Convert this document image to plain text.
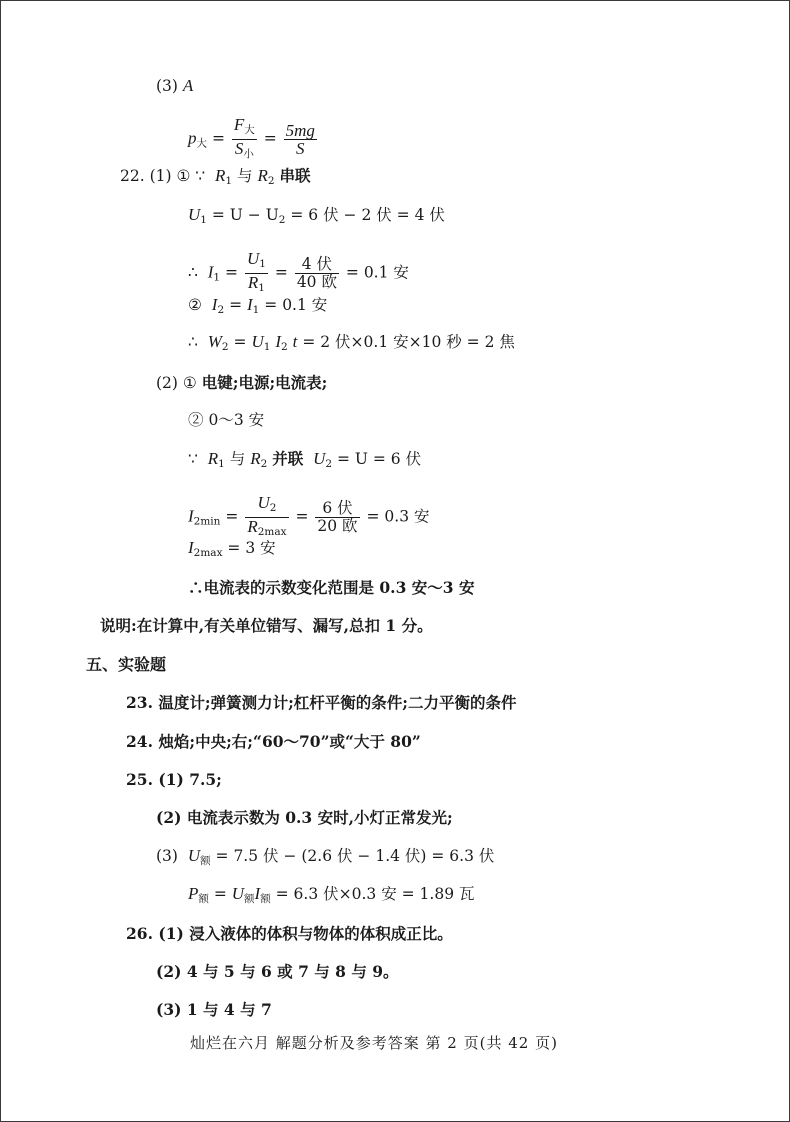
(3) A
$p_大 = \frac{F_大}{S_小} = \frac{5mg}{S}$
22. (1) ① ∵ $R_1$ 与 $R_2$ 串联
$U_1 = U - U_2 = 6$ 伏 − 2 伏 = 4 伏
∴ $I_1 = \frac{U_1}{R_1} = \frac{\text{4 伏}}{\text{40 欧}} = 0.1$ 安
② $I_2 = I_1 = 0.1$ 安
∴ $W_2 = U_1$ $I_2$ t = 2 伏×0.1 安×10 秒 = 2 焦
(2) ① 电键;电源;电流表;
② 0～3 安
∵ $R_1$ 与 $R_2$ 并联 $U_2 = U = 6$ 伏
$I_{2min} = \frac{U_2}{R_{2max}} = \frac{\text{6 伏}}{\text{20 欧}} = 0.3$ 安
$I_{2max} = 3$ 安
∴电流表的示数变化范围是 0.3 安～3 安
说明:在计算中,有关单位错写、漏写,总扣 1 分。
五、实验题
23. 温度计;弹簧测力计;杠杆平衡的条件;二力平衡的条件
24. 烛焰;中央;右;“60～70”或“大于 80”
25. (1) 7.5;
(2) 电流表示数为 0.3 安时,小灯正常发光;
(3) $U_额 = 7.5$ 伏 − (2.6 伏 − 1.4 伏) = 6.3 伏
$P_额 = U_额I_额 = 6.3$ 伏×0.3 安 = 1.89 瓦
26. (1) 浸入液体的体积与物体的体积成正比。
(2) 4 与 5 与 6 或 7 与 8 与 9。
(3) 1 与 4 与 7
灿烂在六月 解题分析及参考答案 第 2 页(共 42 页)
